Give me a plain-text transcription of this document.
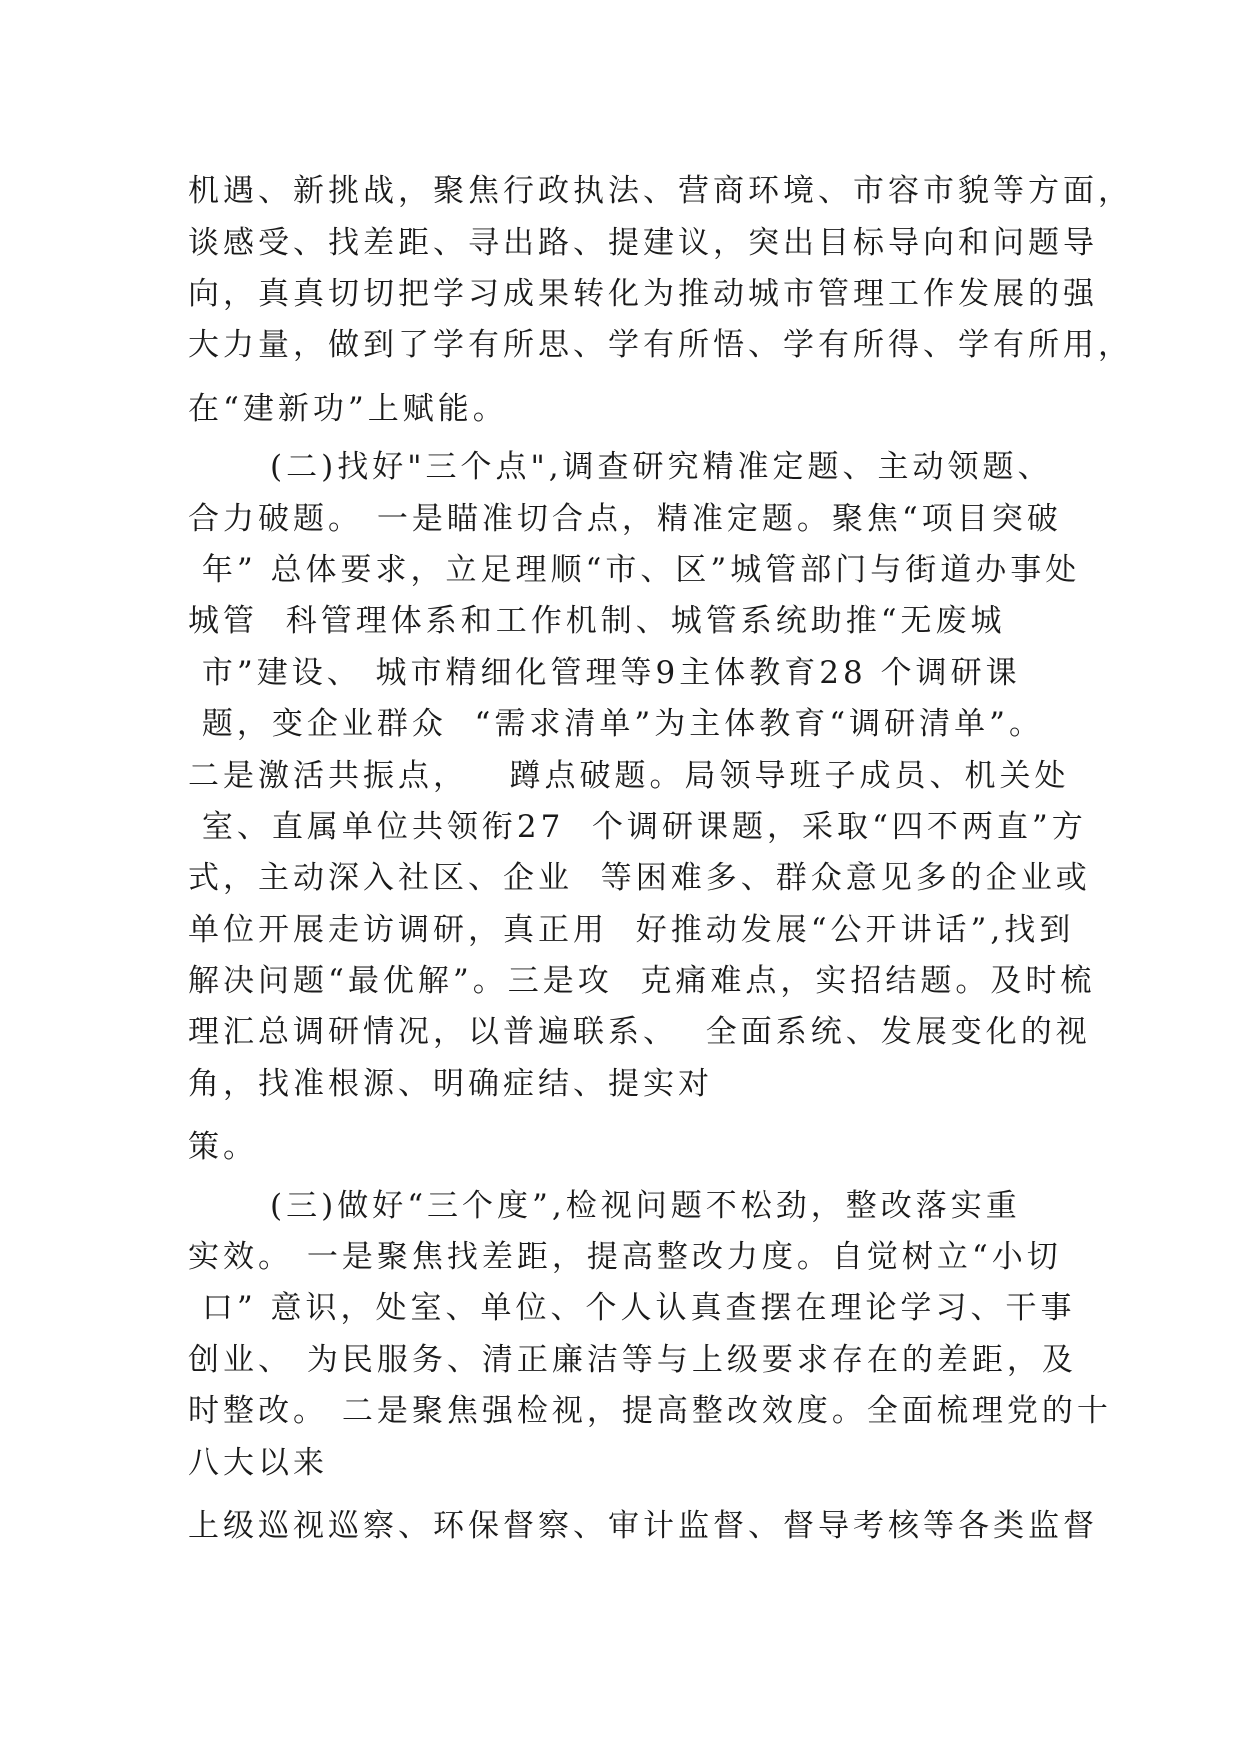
机遇、新挑战，聚焦行政执法、营商环境、市容市貌等方面，
谈感受、找差距、寻出路、提建议，突出目标导向和问题导
向，真真切切把学习成果转化为推动城市管理工作发展的强
大力量，做到了学有所思、学有所悟、学有所得、学有所用，
在“建新功”上赋能。
(二)找好"三个点",调查研究精准定题、主动领题、
合力破题。 一是瞄准切合点，精准定题。聚焦“项目突破
年” 总体要求，立足理顺“市、区”城管部门与街道办事处
城管  科管理体系和工作机制、城管系统助推“无废城
市”建设、 城市精细化管理等9主体教育28 个调研课
题，变企业群众  “需求清单”为主体教育“调研清单”。
二是激活共振点，   蹲点破题。局领导班子成员、机关处
室、直属单位共领衔27  个调研课题，采取“四不两直”方
式，主动深入社区、企业  等困难多、群众意见多的企业或
单位开展走访调研，真正用  好推动发展“公开讲话”,找到
解决问题“最优解”。三是攻  克痛难点，实招结题。及时梳
理汇总调研情况，以普遍联系、  全面系统、发展变化的视
角，找准根源、明确症结、提实对
策。
(三)做好“三个度”,检视问题不松劲，整改落实重
实效。 一是聚焦找差距，提高整改力度。自觉树立“小切
口” 意识，处室、单位、个人认真查摆在理论学习、干事
创业、 为民服务、清正廉洁等与上级要求存在的差距，及
时整改。 二是聚焦强检视，提高整改效度。全面梳理党的十
八大以来
上级巡视巡察、环保督察、审计监督、督导考核等各类监督
